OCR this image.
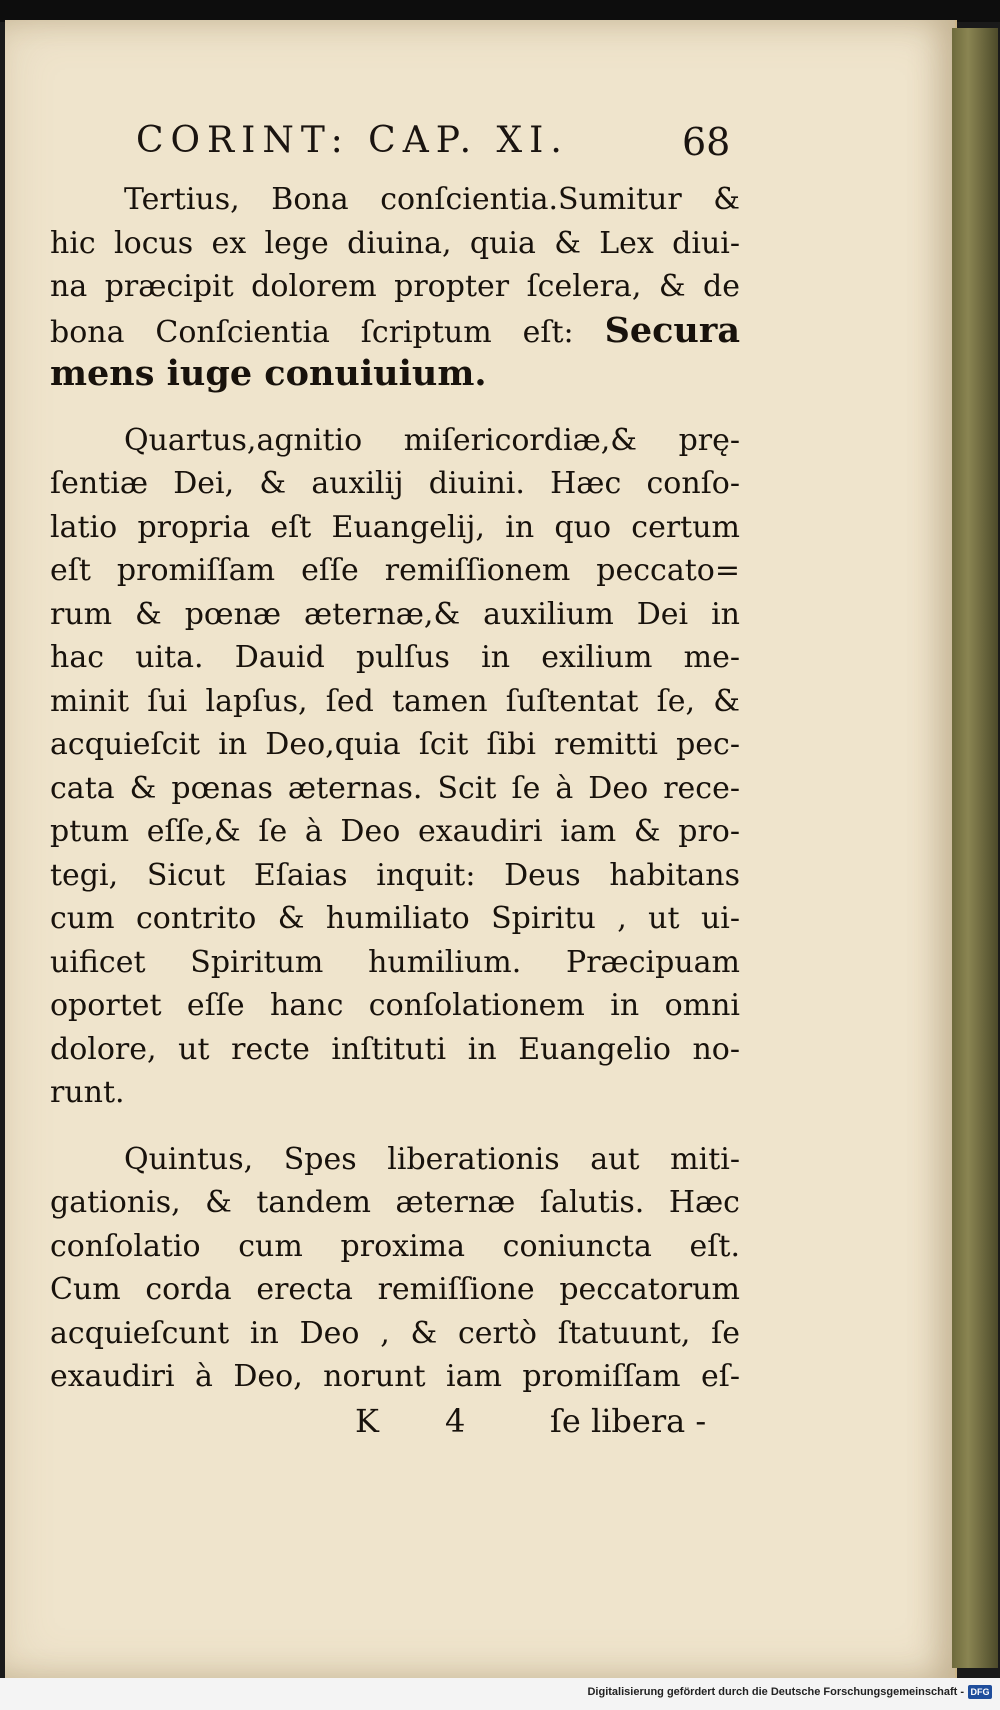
CORINT: CAP. XI.	68
Tertius, Bona conſcientia.Sumitur &
hic locus ex lege diuina, quia & Lex diui-
na præcipit dolorem propter ſcelera, & de
bona Conſcientia ſcriptum eſt: Secura
mens iuge conuiuium.
Quartus,agnitio miſericordiæ,& prę-
ſentiæ Dei, & auxilij diuini. Hæc conſo-
latio propria eſt Euangelij, in quo certum
eſt promiſſam eſſe remiſſionem peccato=
rum & pœnæ æternæ,& auxilium Dei in
hac uita. Dauid pulſus in exilium me-
minit ſui lapſus, ſed tamen ſuſtentat ſe, &
acquieſcit in Deo,quia ſcit ſibi remitti pec-
cata & pœnas æternas. Scit ſe à Deo rece-
ptum eſſe,& ſe à Deo exaudiri iam & pro-
tegi, Sicut Eſaias inquit: Deus habitans
cum contrito & humiliato Spiritu , ut ui-
uificet Spiritum humilium. Præcipuam
oportet eſſe hanc conſolationem in omni
dolore, ut recte inſtituti in Euangelio no-
runt.
Quintus, Spes liberationis aut miti-
gationis, & tandem æternæ ſalutis. Hæc
conſolatio cum proxima coniuncta eſt.
Cum corda erecta remiſſione peccatorum
acquieſcunt in Deo , & certò ſtatuunt, ſe
exaudiri à Deo, norunt iam promiſſam eſ-
K 4	ſe libera -
Digitalisierung gefördert durch die Deutsche Forschungsgemeinschaft - DFG
